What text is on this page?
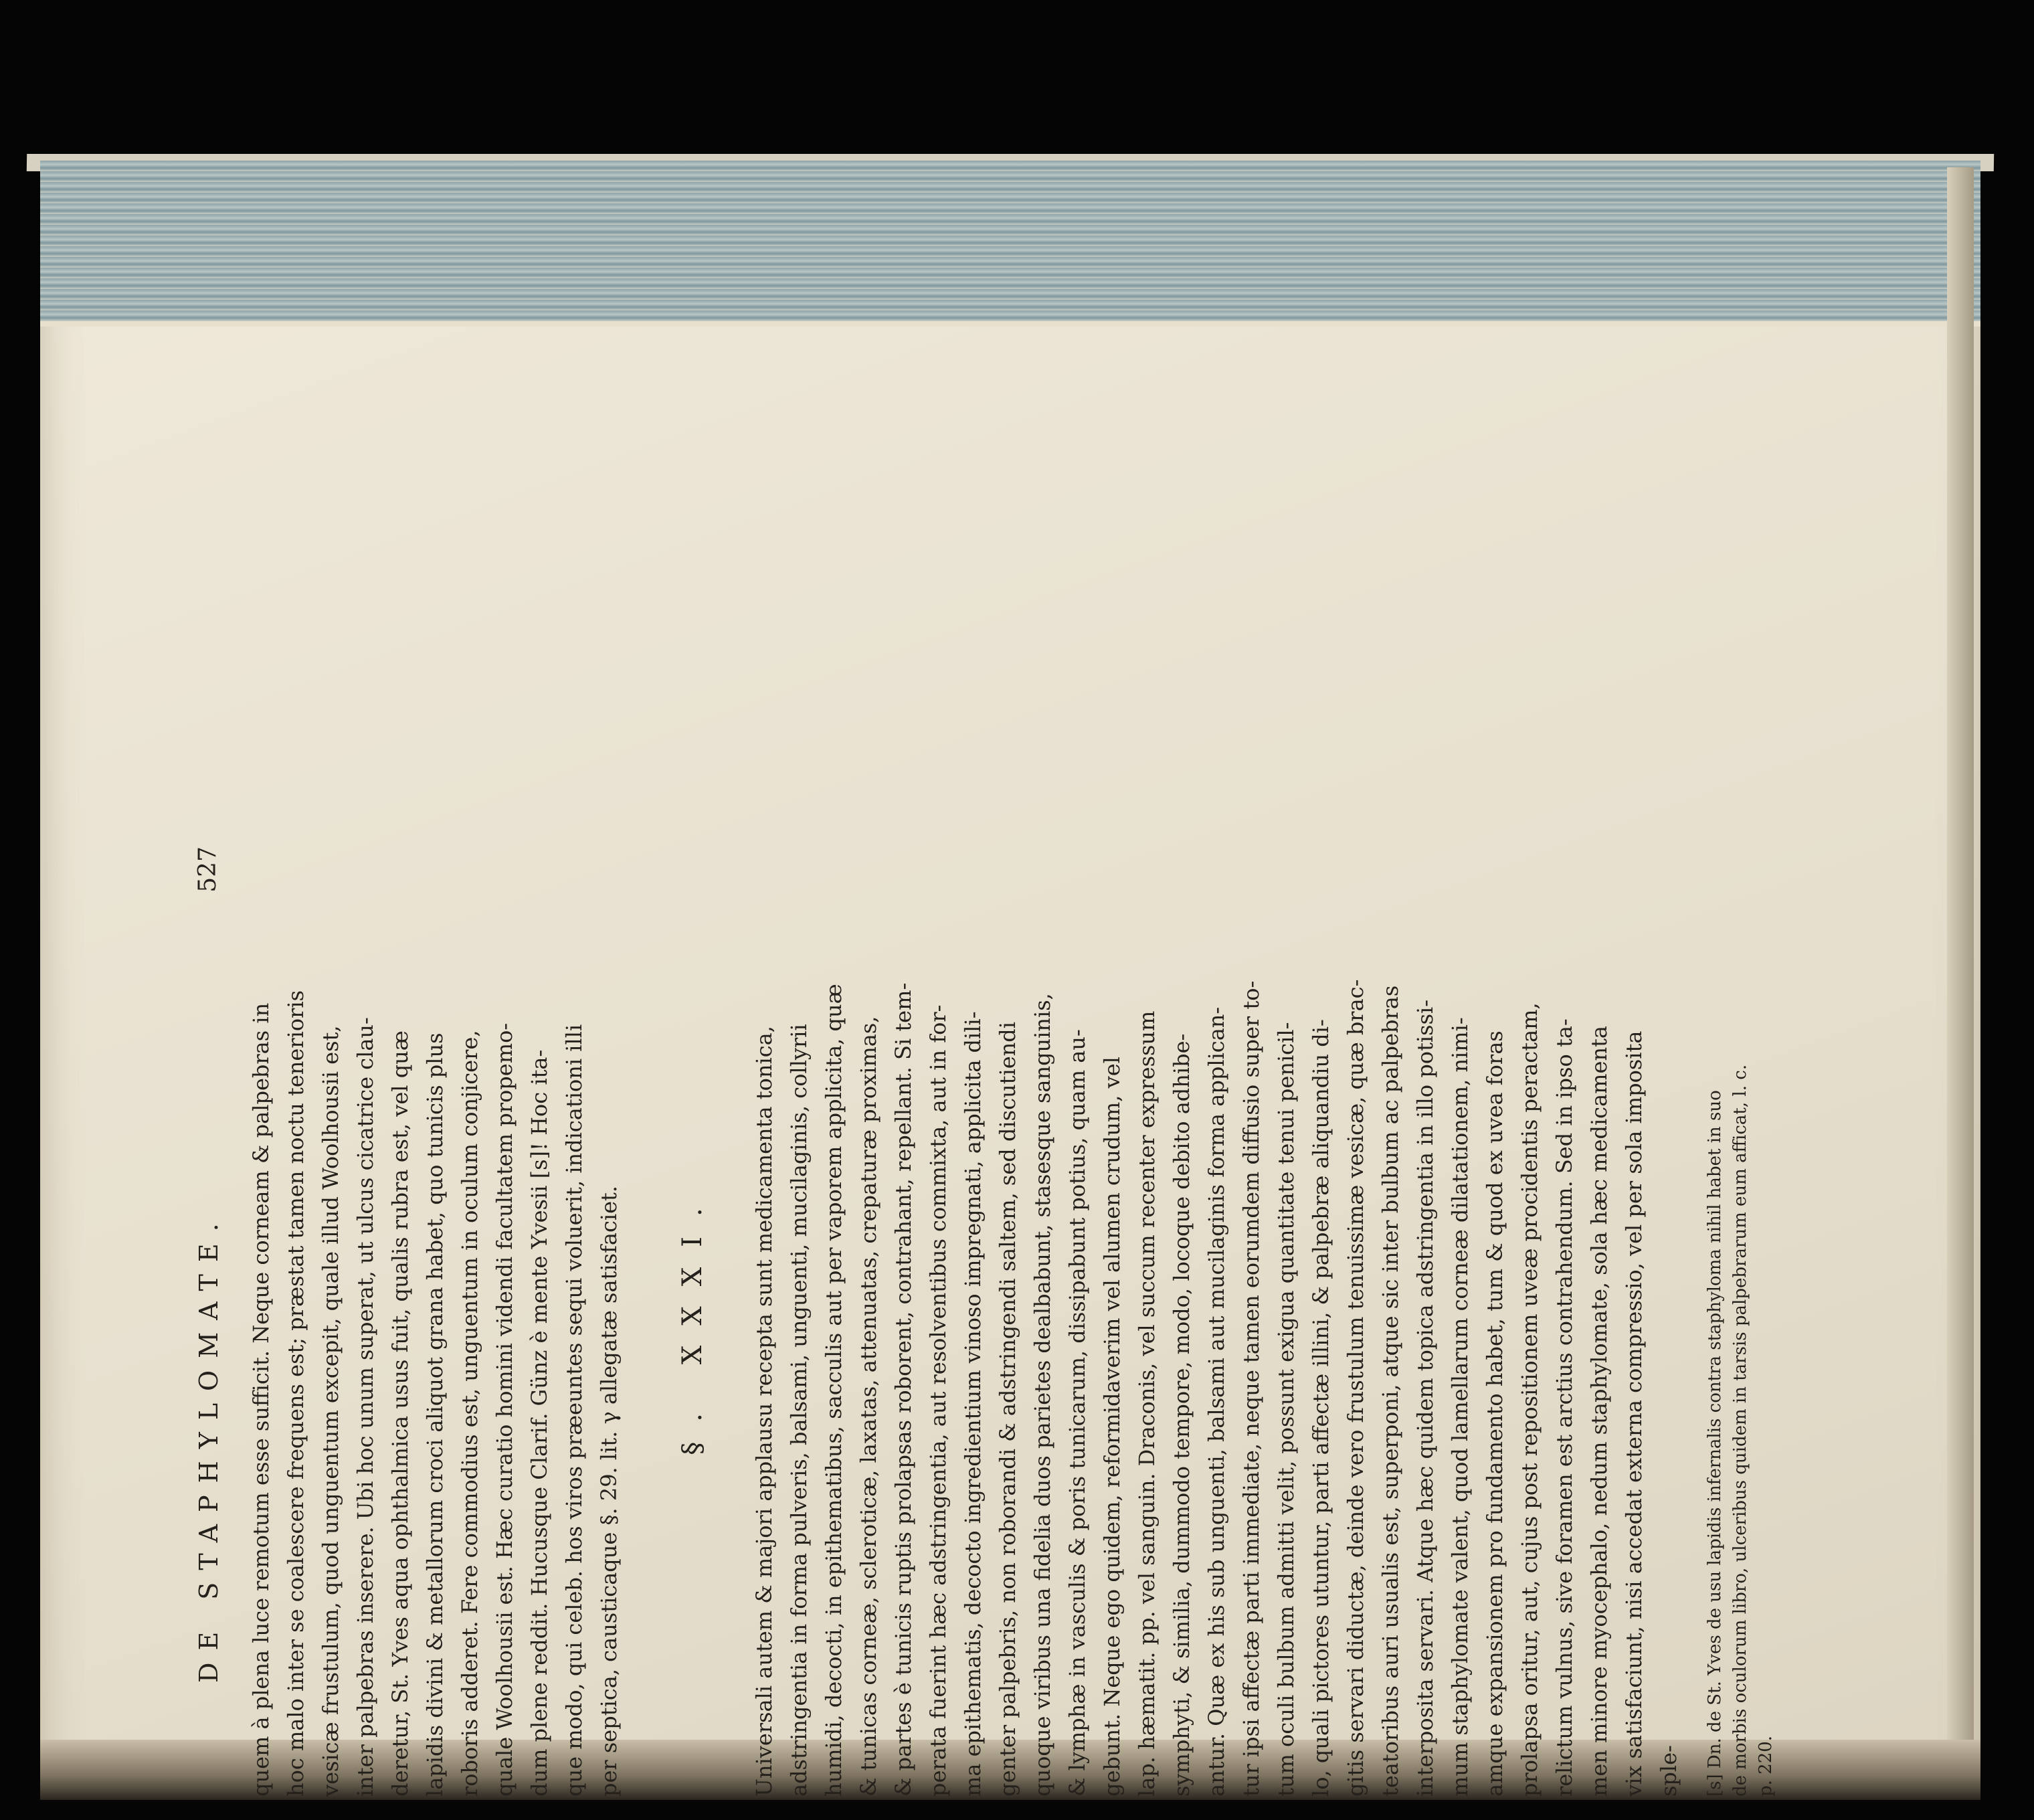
DE STAPHYLOMATE.
527
quem à plena luce remotum esse sufficit. Neque corneam & palpebras in hoc malo inter se coalescere frequens est; præstat tamen noctu tenerioris vesicæ frustulum, quod unguentum excepit, quale illud Woolhousii est, inter palpebras inserere. Ubi hoc unum superat, ut ulcus cicatrice clau- deretur, St. Yves aqua ophthalmica usus fuit, qualis rubra est, vel quæ lapidis divini & metallorum croci aliquot grana habet, quo tunicis plus roboris adderet. Fere commodius est, unguentum in oculum conjicere, quale Woolhousii est. Hæc curatio homini videndi facultatem propemo- dum plene reddit. Hucusque Clarif. Günz è mente Yvesii [s]! Hoc ita- que modo, qui celeb. hos viros præeuntes sequi voluerit, indicationi illi per septica, causticaque §. 29. lit. γ allegatæ satisfaciet. §. XXXI. Universali autem & majori applausu recepta sunt medicamenta tonica, adstringentia in forma pulveris, balsami, unguenti, mucilaginis, collyrii humidi, decocti, in epithematibus, sacculis aut per vaporem applicita, quæ & tunicas corneæ, scleroticæ, laxatas, attenuatas, crepaturæ proximas, & partes è tunicis ruptis prolapsas roborent, contrahant, repellant. Si tem- perata fuerint hæc adstringentia, aut resolventibus commixta, aut in for- ma epithematis, decocto ingredientium vinoso impregnati, applicita dili- genter palpebris, non roborandi & adstringendi saltem, sed discutiendi quoque viribus una fidelia duos parietes dealbabunt, stasesque sanguinis, & lymphæ in vasculis & poris tunicarum, dissipabunt potius, quam au- gebunt. Neque ego quidem, reformidaverim vel alumen crudum, vel lap. hæmatit. pp. vel sanguin. Draconis, vel succum recenter expressum symphyti, & similia, dummodo tempore, modo, locoque debito adhibe- antur. Quæ ex his sub unguenti, balsami aut mucilaginis forma applican- tur ipsi affectæ parti immediate, neque tamen eorumdem diffusio super to- tum oculi bulbum admitti velit, possunt exigua quantitate tenui penicil- lo, quali pictores utuntur, parti affectæ illini, & palpebræ aliquandiu di- gitis servari diductæ, deinde vero frustulum tenuissimæ vesicæ, quæ brac- teatoribus auri usualis est, superponi, atque sic inter bulbum ac palpebras interposita servari. Atque hæc quidem topica adstringentia in illo potissi- mum staphylomate valent, quod lamellarum corneæ dilatationem, nimi- amque expansionem pro fundamento habet, tum & quod ex uvea foras prolapsa oritur, aut, cujus post repositionem uveæ procidentis peractam, relictum vulnus, sive foramen est arctius contrahendum. Sed in ipso ta- men minore myocephalo, nedum staphylomate, sola hæc medicamenta vix satisfaciunt, nisi accedat externa compressio, vel per sola imposita sple- [s] Dn. de St. Yves de usu lapidis infernalis contra staphyloma nihil habet in suo de morbis oculorum libro, ulceribus quidem in tarsis palpebrarum eum afficat, l. c. p. 220.
